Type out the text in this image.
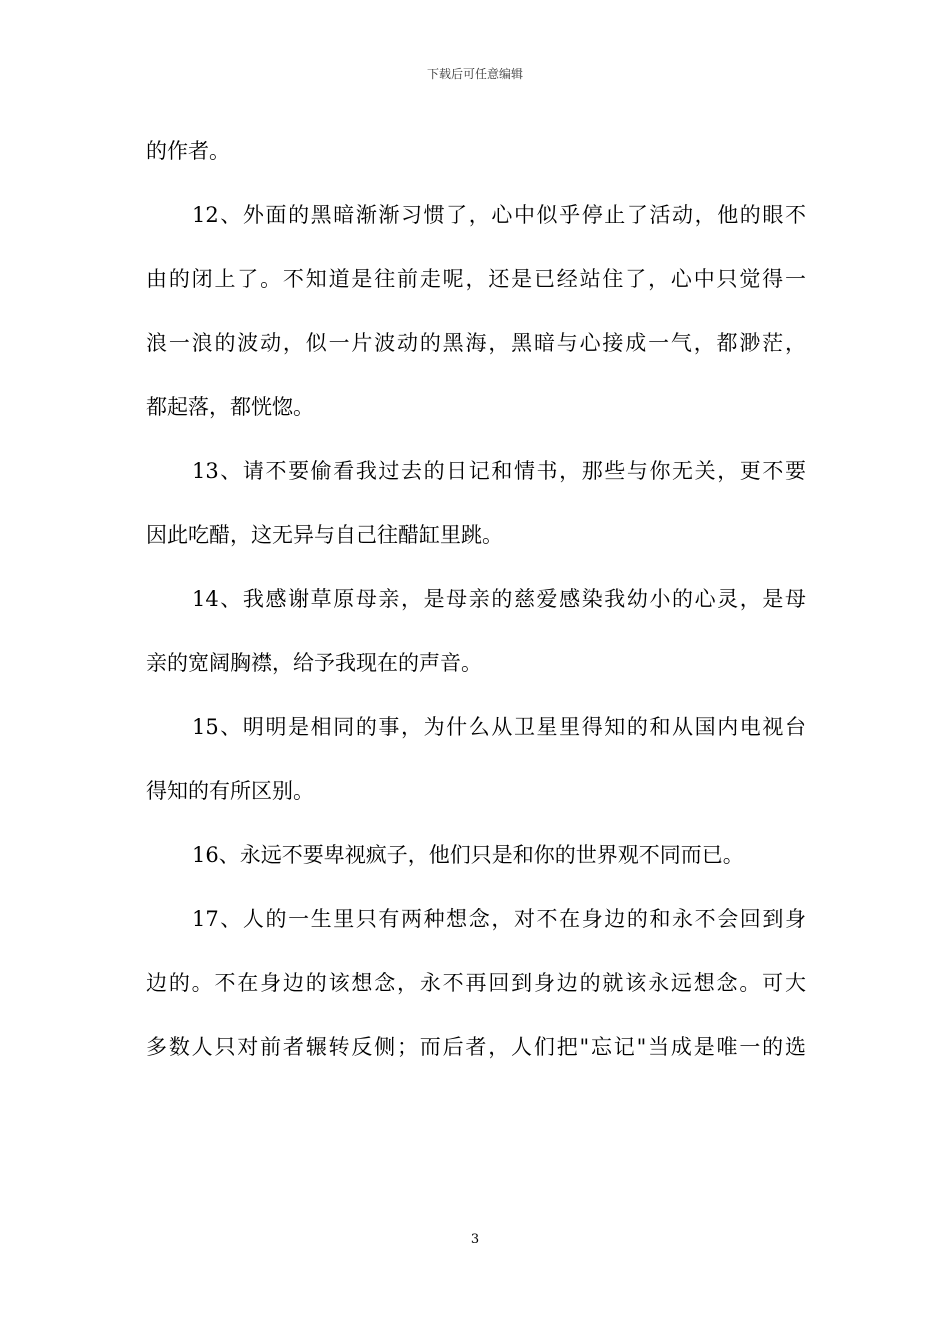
下载后可任意编辑
的作者。
12、外面的黑暗渐渐习惯了，心中似乎停止了活动，他的眼不
由的闭上了。不知道是往前走呢，还是已经站住了，心中只觉得一
浪一浪的波动，似一片波动的黑海，黑暗与心接成一气，都渺茫，
都起落，都恍惚。
13、请不要偷看我过去的日记和情书，那些与你无关，更不要
因此吃醋，这无异与自己往醋缸里跳。
14、我感谢草原母亲，是母亲的慈爱感染我幼小的心灵，是母
亲的宽阔胸襟，给予我现在的声音。
15、明明是相同的事，为什么从卫星里得知的和从国内电视台
得知的有所区别。
16、永远不要卑视疯子，他们只是和你的世界观不同而已。
17、人的一生里只有两种想念，对不在身边的和永不会回到身
边的。不在身边的该想念，永不再回到身边的就该永远想念。可大
多数人只对前者辗转反侧；而后者，人们把"忘记"当成是唯一的选
3
